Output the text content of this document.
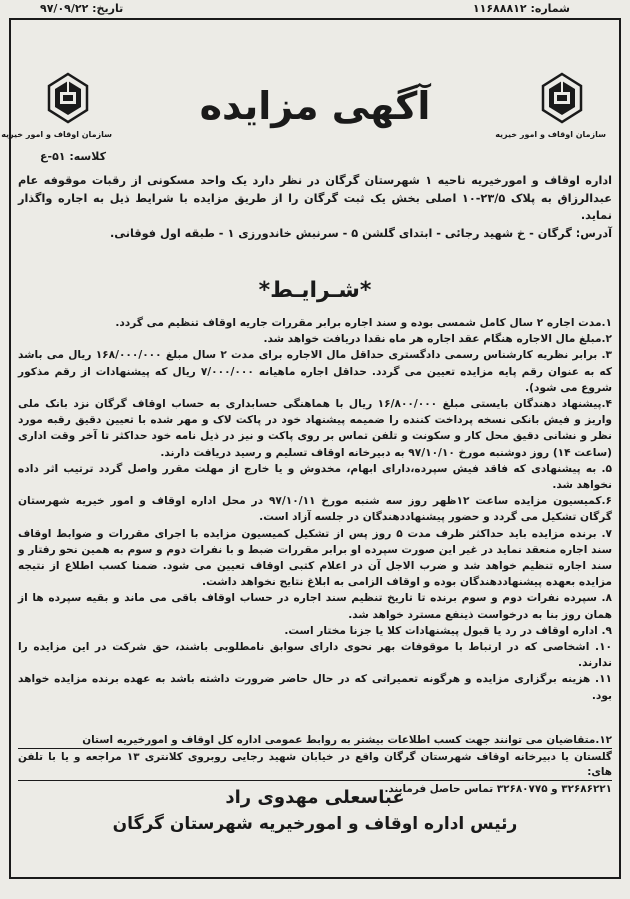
شماره: ۱۱۶۸۸۸۱۲
تاریخ: ۹۷/۰۹/۲۲
سازمان اوقاف و امور خیریه
سازمان اوقاف و امور خیریه
آگهی مزایده
کلاسه: ۵۱-ع
اداره اوقاف و امورخیریه ناحیه ۱ شهرستان گرگان در نظر دارد یک واحد مسکونی از رقبات موقوفه عام عبدالرزاق به پلاک ۲۳/۵-۱۰ اصلی بخش یک ثبت گرگان را از طریق مزایده با شرایط ذیل به اجاره واگذار نماید.
آدرس: گرگان - خ شهید رجائی - ابتدای گلشن ۵ - سرنبش خاندورزی ۱ - طبقه اول فوقانی.
*شـرایـط*
۱.مدت اجاره ۲ سال کامل شمسی بوده و سند اجاره برابر مقررات جاریه اوقاف تنظیم می گردد.
۲.مبلغ مال الاجاره هنگام عقد اجاره هر ماه نقدا دریافت خواهد شد.
۳. برابر نظریه کارشناس رسمی دادگستری حداقل مال الاجاره برای مدت ۲ سال مبلغ ۱۶۸/۰۰۰/۰۰۰ ریال می باشد که به عنوان رقم پایه مزایده تعیین می گردد. حداقل اجاره ماهیانه ۷/۰۰۰/۰۰۰ ریال که پیشنهادات از رقم مذکور شروع می شود).
۴.پیشنهاد دهندگان بایستی مبلغ ۱۶/۸۰۰/۰۰۰ ریال با هماهنگی حسابداری به حساب اوقاف گرگان نزد بانک ملی واریز و فیش بانکی نسخه پرداخت کننده را ضمیمه پیشنهاد خود در پاکت لاک و مهر شده با تعیین دقیق رقبه مورد نظر و نشانی دقیق محل کار و سکونت و تلفن تماس بر روی پاکت و نیز در ذیل نامه خود حداکثر تا آخر وقت اداری (ساعت ۱۴) روز دوشنبه مورخ ۹۷/۱۰/۱۰ به دبیرخانه اوقاف تسلیم و رسید دریافت دارند.
۵. به پیشنهادی که فاقد فیش سپرده،دارای ابهام، مخدوش و یا خارج از مهلت مقرر واصل گردد ترتیب اثر داده نخواهد شد.
۶.کمیسیون مزایده ساعت ۱۲ظهر روز سه شنبه مورخ ۹۷/۱۰/۱۱ در محل اداره اوقاف و امور خیریه شهرستان گرگان تشکیل می گردد و حضور پیشنهاددهندگان در جلسه آزاد است.
۷. برنده مزایده باید حداکثر ظرف مدت ۵ روز پس از تشکیل کمیسیون مزایده با اجرای مقررات و ضوابط اوقاف سند اجاره منعقد نماید در غیر این صورت سپرده او برابر مقررات ضبط و با نفرات دوم و سوم به همین نحو رفتار و سند اجاره تنظیم خواهد شد و ضرب الاجل آن در اعلام کتبی اوقاف تعیین می شود. ضمنا کسب اطلاع از نتیجه مزایده بعهده پیشنهاددهندگان بوده و اوقاف الزامی به ابلاغ نتایج نخواهد داشت.
۸. سپرده نفرات دوم و سوم برنده تا تاریخ تنظیم سند اجاره در حساب اوقاف باقی می ماند و بقیه سپرده ها از همان روز بنا به درخواست ذینفع مسترد خواهد شد.
۹. اداره اوقاف در رد یا قبول پیشنهادات کلا یا جزنا مختار است.
۱۰. اشخاصی که در ارتباط با موقوفات بهر نحوی دارای سوابق نامطلوبی باشند، حق شرکت در این مزایده را ندارند.
۱۱. هزینه برگزاری مزایده و هرگونه تعمیراتی که در حال حاضر ضرورت داشته باشد به عهده برنده مزایده خواهد بود.
۱۲.متقاضیان می توانند جهت کسب اطلاعات بیشتر به روابط عمومی اداره کل اوقاف و امورخیریه استان
گلستان یا دبیرخانه اوقاف شهرستان گرگان واقع در خیابان شهید رجایی روبروی کلانتری ۱۳ مراجعه و یا با تلفن های:
۳۲۶۸۶۲۲۱ و ۳۲۶۸۰۷۷۵ تماس حاصل فرمایند.
عباسعلی مهدوی راد
رئیس اداره اوقاف و امورخیریه شهرستان گرگان
